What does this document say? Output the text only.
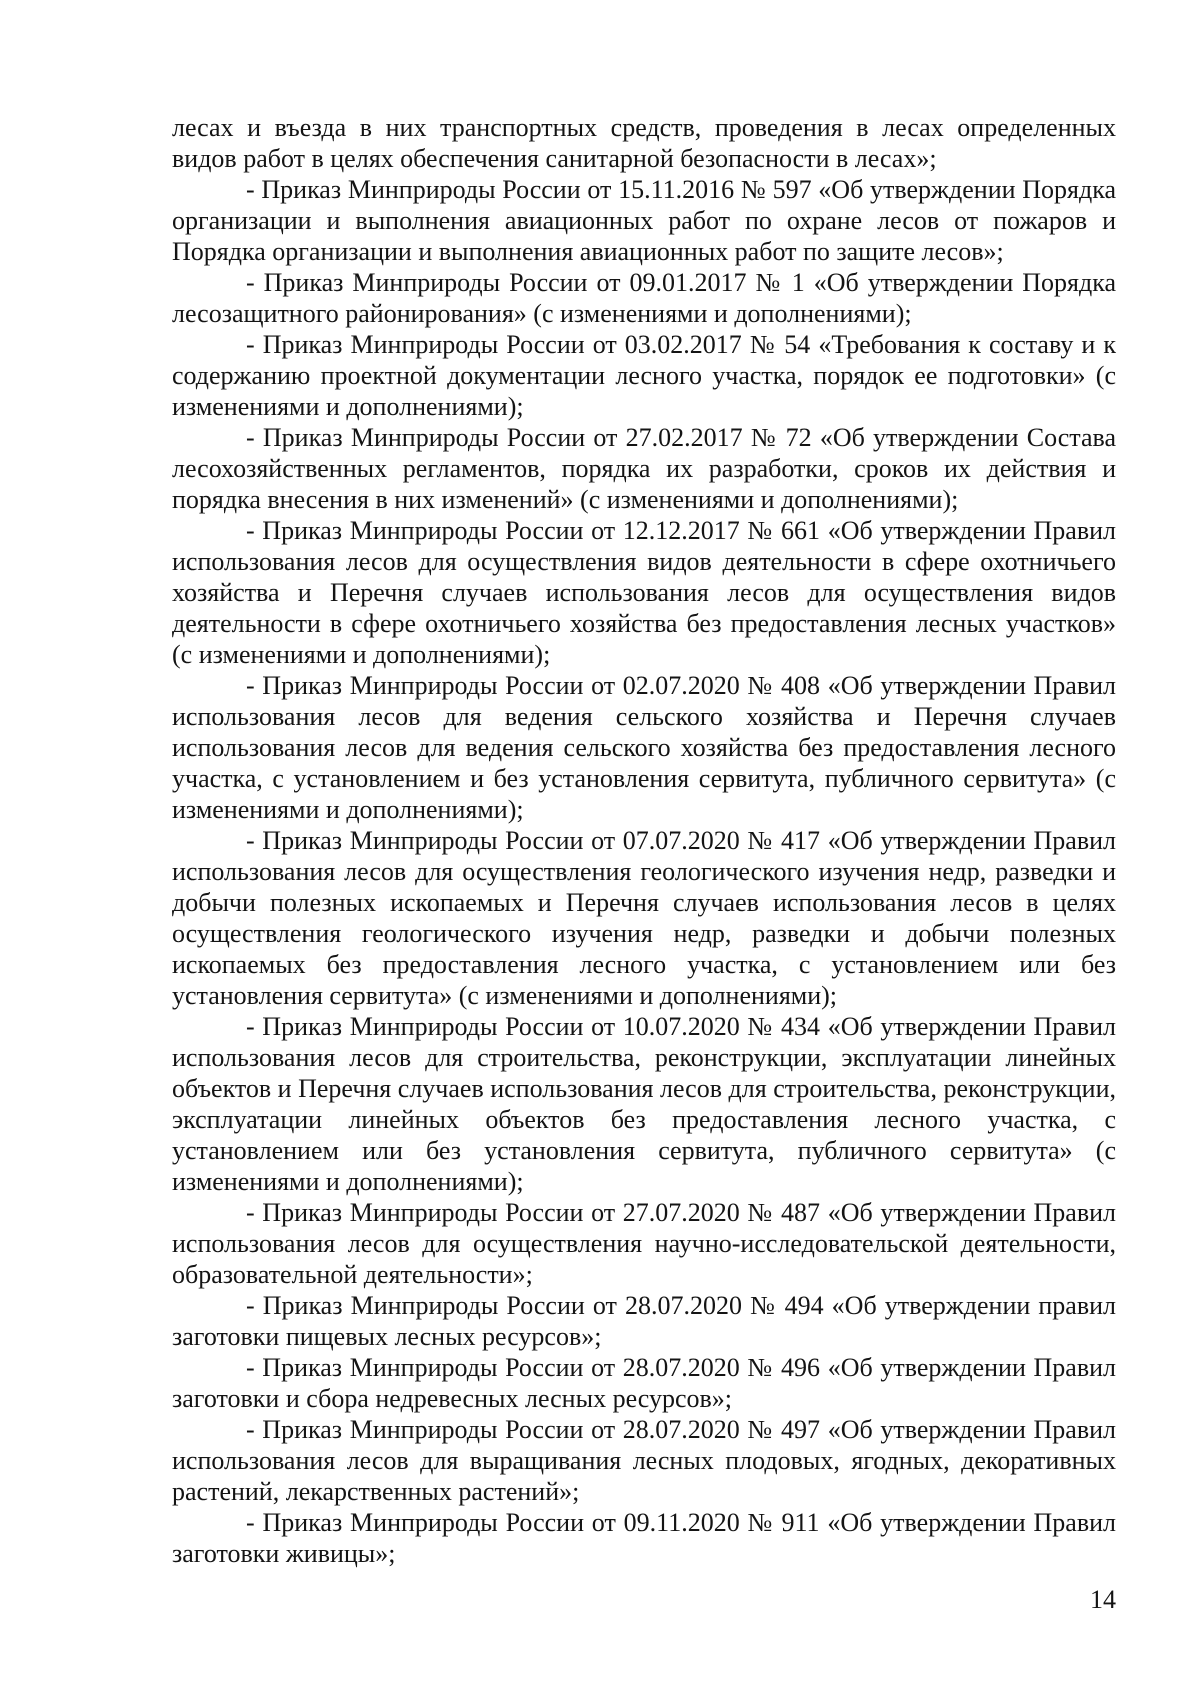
лесах и въезда в них транспортных средств, проведения в лесах определенных видов работ в целях обеспечения санитарной безопасности в лесах»;

- Приказ Минприроды России от 15.11.2016 № 597 «Об утверждении Порядка организации и выполнения авиационных работ по охране лесов от пожаров и Порядка организации и выполнения авиационных работ по защите лесов»;

- Приказ Минприроды России от 09.01.2017 № 1 «Об утверждении Порядка лесозащитного районирования» (с изменениями и дополнениями);

- Приказ Минприроды России от 03.02.2017 № 54 «Требования к составу и к содержанию проектной документации лесного участка, порядок ее подготовки» (с изменениями и дополнениями);

- Приказ Минприроды России от 27.02.2017 № 72 «Об утверждении Состава лесохозяйственных регламентов, порядка их разработки, сроков их действия и порядка внесения в них изменений» (с изменениями и дополнениями);

- Приказ Минприроды России от 12.12.2017 № 661 «Об утверждении Правил использования лесов для осуществления видов деятельности в сфере охотничьего хозяйства и Перечня случаев использования лесов для осуществления видов деятельности в сфере охотничьего хозяйства без предоставления лесных участков» (с изменениями и дополнениями);

- Приказ Минприроды России от 02.07.2020 № 408 «Об утверждении Правил использования лесов для ведения сельского хозяйства и Перечня случаев использования лесов для ведения сельского хозяйства без предоставления лесного участка, с установлением и без установления сервитута, публичного сервитута» (с изменениями и дополнениями);

- Приказ Минприроды России от 07.07.2020 № 417 «Об утверждении Правил использования лесов для осуществления геологического изучения недр, разведки и добычи полезных ископаемых и Перечня случаев использования лесов в целях осуществления геологического изучения недр, разведки и добычи полезных ископаемых без предоставления лесного участка, с установлением или без установления сервитута» (с изменениями и дополнениями);

- Приказ Минприроды России от 10.07.2020 № 434 «Об утверждении Правил использования лесов для строительства, реконструкции, эксплуатации линейных объектов и Перечня случаев использования лесов для строительства, реконструкции, эксплуатации линейных объектов без предоставления лесного участка, с установлением или без установления сервитута, публичного сервитута» (с изменениями и дополнениями);

- Приказ Минприроды России от 27.07.2020 № 487 «Об утверждении Правил использования лесов для осуществления научно-исследовательской деятельности, образовательной деятельности»;

- Приказ Минприроды России от 28.07.2020 № 494 «Об утверждении правил заготовки пищевых лесных ресурсов»;

- Приказ Минприроды России от 28.07.2020 № 496 «Об утверждении Правил заготовки и сбора недревесных лесных ресурсов»;

- Приказ Минприроды России от 28.07.2020 № 497 «Об утверждении Правил использования лесов для выращивания лесных плодовых, ягодных, декоративных растений, лекарственных растений»;

- Приказ Минприроды России от 09.11.2020 № 911 «Об утверждении Правил заготовки живицы»;

14
